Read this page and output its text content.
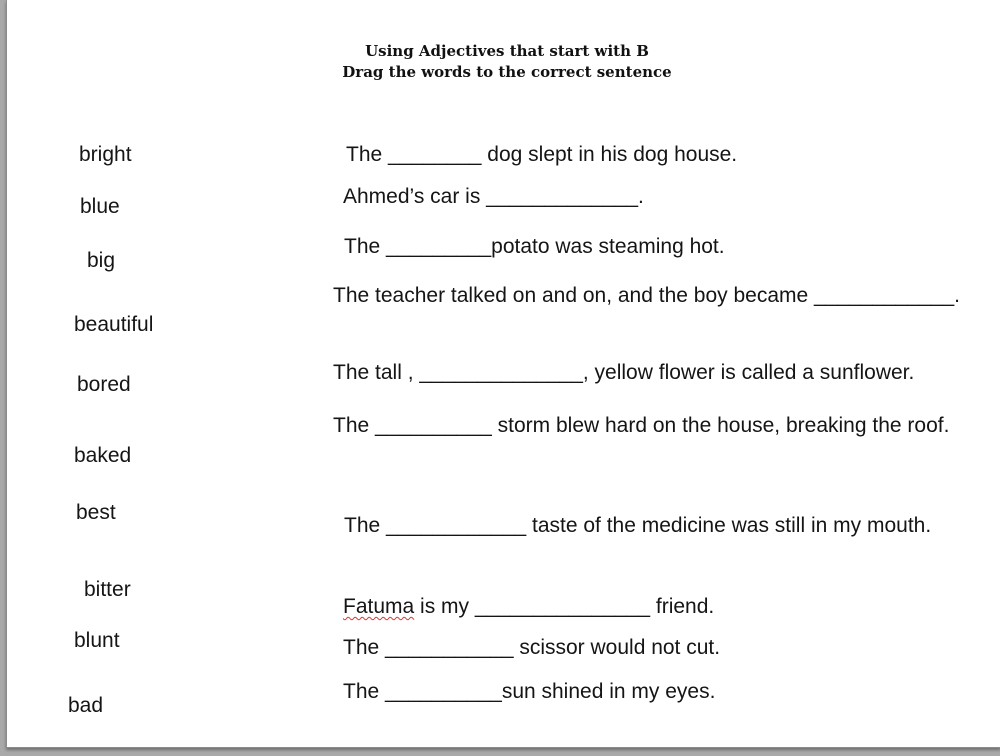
Using Adjectives that start with B
Drag the words to the correct sentence
bright
blue
big
beautiful
bored
baked
best
bitter
blunt
bad
The ________ dog slept in his dog house.
Ahmed’s car is _____________.
The _________potato was steaming hot.
The teacher talked on and on, and the boy became ____________.
The tall , ______________, yellow flower is called a sunflower.
The __________ storm blew hard on the house, breaking the roof.
The ____________ taste of the medicine was still in my mouth.
Fatuma is my _______________ friend.
The ___________ scissor would not cut.
The __________sun shined in my eyes.
